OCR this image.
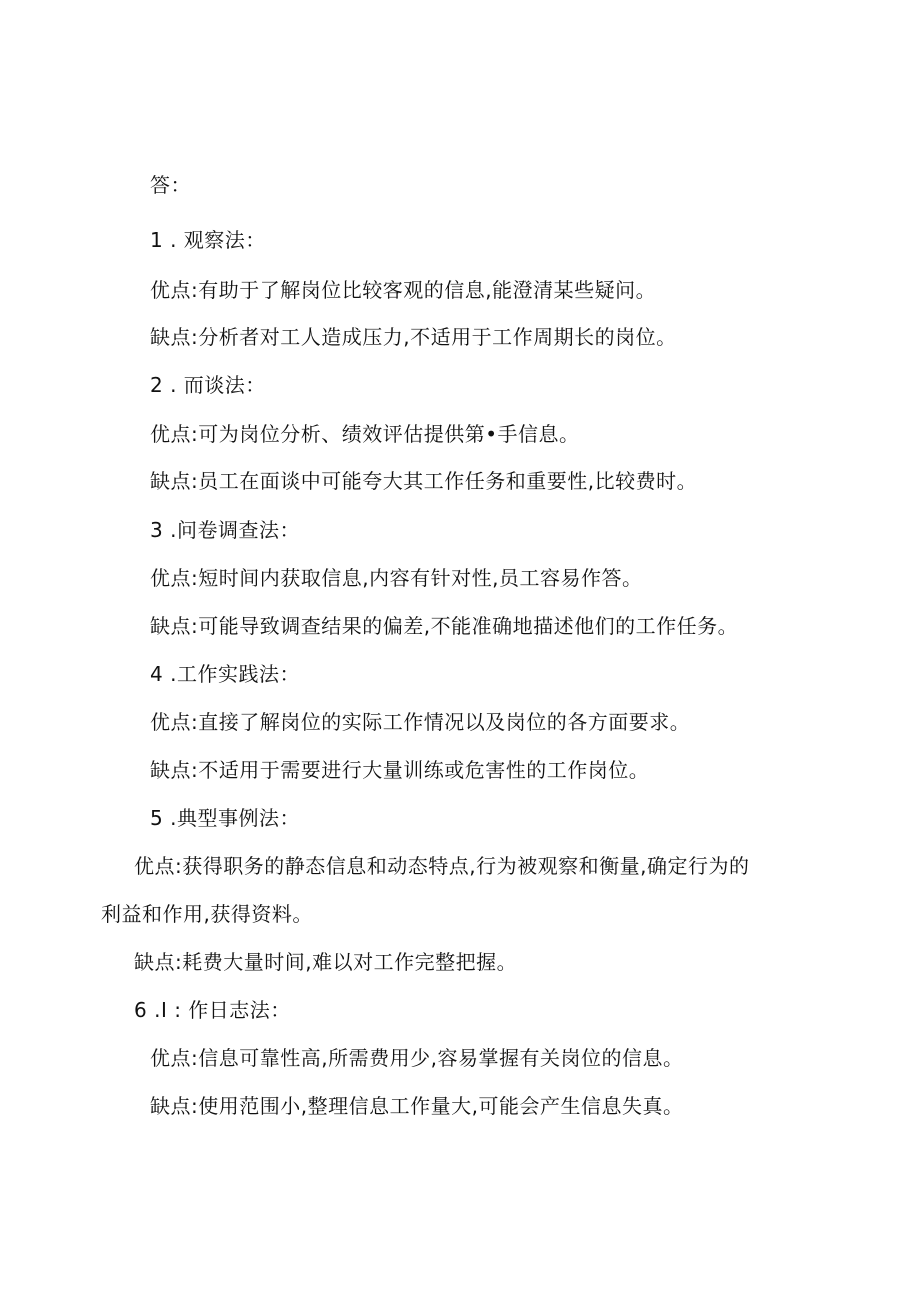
答：
1 . 观察法：
优点:有助于了解岗位比较客观的信息,能澄清某些疑问。
缺点:分析者对工人造成压力,不适用于工作周期长的岗位。
2 . 而谈法：
优点:可为岗位分析、绩效评估提供第•手信息。
缺点:员工在面谈中可能夸大其工作任务和重要性,比较费时。
3 .问卷调查法：
优点:短时间内获取信息,内容有针对性,员工容易作答。
缺点:可能导致调查结果的偏差,不能准确地描述他们的工作任务。
4 .工作实践法：
优点:直接了解岗位的实际工作情况以及岗位的各方面要求。
缺点:不适用于需要进行大量训练或危害性的工作岗位。
5 .典型事例法：
优点:获得职务的静态信息和动态特点,行为被观察和衡量,确定行为的
利益和作用,获得资料。
缺点:耗费大量时间,难以对工作完整把握。
6 .I : 作日志法：
优点:信息可靠性高,所需费用少,容易掌握有关岗位的信息。
缺点:使用范围小,整理信息工作量大,可能会产生信息失真。
